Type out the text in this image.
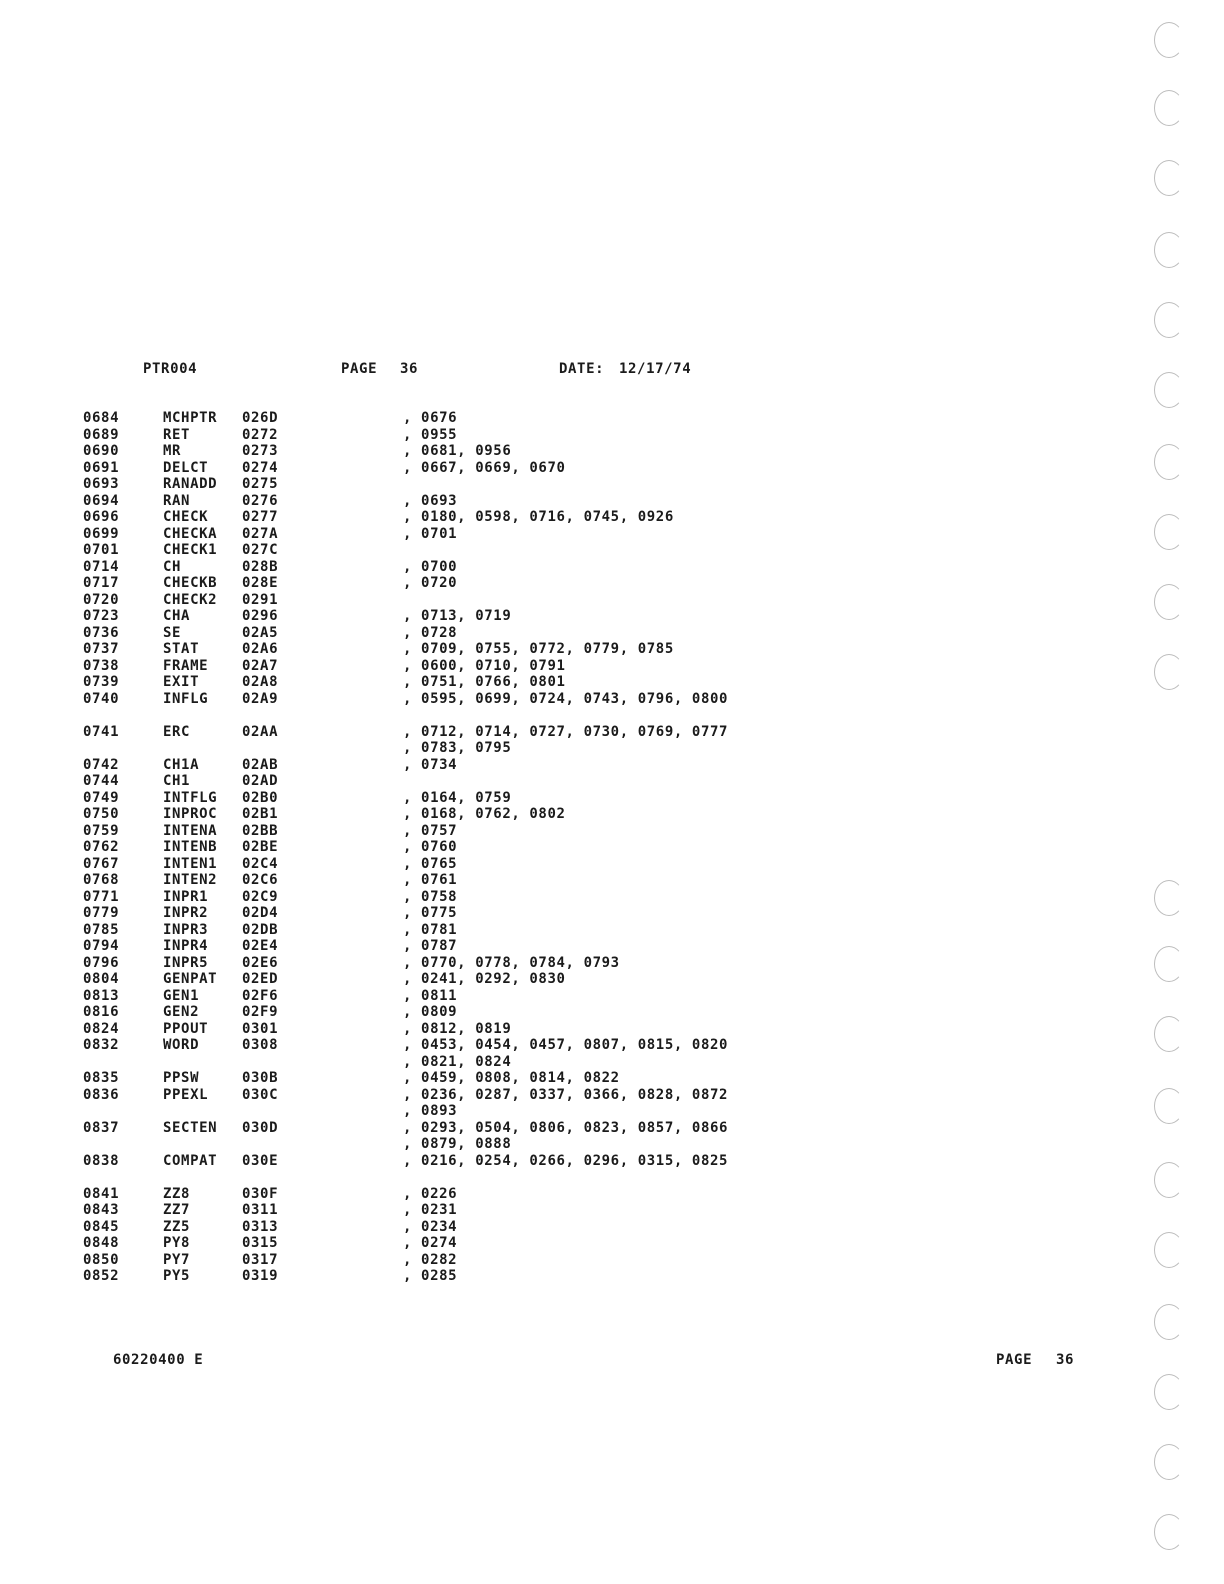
PTR004	PAGE 36	DATE: 12/17/74
0684	MCHPTR 026D	, 0676
0689	RET	0272	, 0955
0690	MR	0273	, 0681, 0956
0691	DELCT 0274	, 0667, 0669, 0670
0693	RANADD 0275
0694	RAN	0276	, 0693
0696	CHECK 0277	, 0180, 0598, 0716, 0745, 0926
0699	CHECKA 027A	, 0701
0701	CHECK1 027C
0714	CH	028B	, 0700
0717	CHECKB 028E	, 0720
0720	CHECK2 0291
0723	CHA	0296	, 0713, 0719
0736	SE	02A5	, 0728
0737	STAT	02A6	, 0709, 0755, 0772, 0779, 0785
0738	FRAME 02A7	, 0600, 0710, 0791
0739	EXIT	02A8	, 0751, 0766, 0801
0740	INFLG 02A9	, 0595, 0699, 0724, 0743, 0796, 0800
0741	ERC	02AA	, 0712, 0714, 0727, 0730, 0769, 0777
, 0783, 0795
0742	CH1A	02AB	, 0734
0744	CH1	02AD
0749	INTFLG 02B0	, 0164, 0759
0750	INPROC 02B1	, 0168, 0762, 0802
0759	INTENA 02BB	, 0757
0762	INTENB 02BE	, 0760
0767	INTEN1 02C4	, 0765
0768	INTEN2 02C6	, 0761
0771	INPR1 02C9	, 0758
0779	INPR2 02D4	, 0775
0785	INPR3 02DB	, 0781
0794	INPR4 02E4	, 0787
0796	INPR5 02E6	, 0770, 0778, 0784, 0793
0804	GENPAT 02ED	, 0241, 0292, 0830
0813	GEN1	02F6	, 0811
0816	GEN2	02F9	, 0809
0824	PPOUT 0301	, 0812, 0819
0832	WORD	0308	, 0453, 0454, 0457, 0807, 0815, 0820
, 0821, 0824
0835	PPSW	030B	, 0459, 0808, 0814, 0822
0836	PPEXL 030C	, 0236, 0287, 0337, 0366, 0828, 0872
, 0893
0837	SECTEN 030D	, 0293, 0504, 0806, 0823, 0857, 0866
, 0879, 0888
0838	COMPAT 030E	, 0216, 0254, 0266, 0296, 0315, 0825
0841	ZZ8	030F	, 0226
0843	ZZ7	0311	, 0231
0845	ZZ5	0313	, 0234
0848	PY8	0315	, 0274
0850	PY7	0317	, 0282
0852	PY5	0319	, 0285
60220400 E	PAGE 36
